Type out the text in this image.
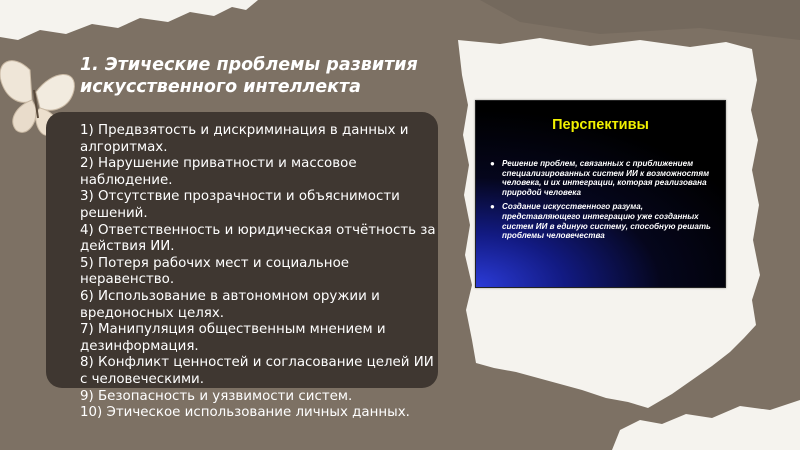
1. Этические проблемы развития
искусственного интеллекта
1) Предвзятость и дискриминация в данных и алгоритмах.
2) Нарушение приватности и массовое наблюдение.
3) Отсутствие прозрачности и объяснимости решений.
4) Ответственность и юридическая отчётность за действия ИИ.
5) Потеря рабочих мест и социальное неравенство.
6) Использование в автономном оружии и вредоносных целях.
7) Манипуляция общественным мнением и дезинформация.
8) Конфликт ценностей и согласование целей ИИ с человеческими.
9) Безопасность и уязвимости систем.
10) Этическое использование личных данных.
Перспективы
● Решение проблем, связанных с приближением специализированных систем ИИ к возможностям человека, и их интеграции, которая реализована природой человека
● Создание искусственного разума, представляющего интеграцию уже созданных систем ИИ в единую систему, способную решать проблемы человечества
